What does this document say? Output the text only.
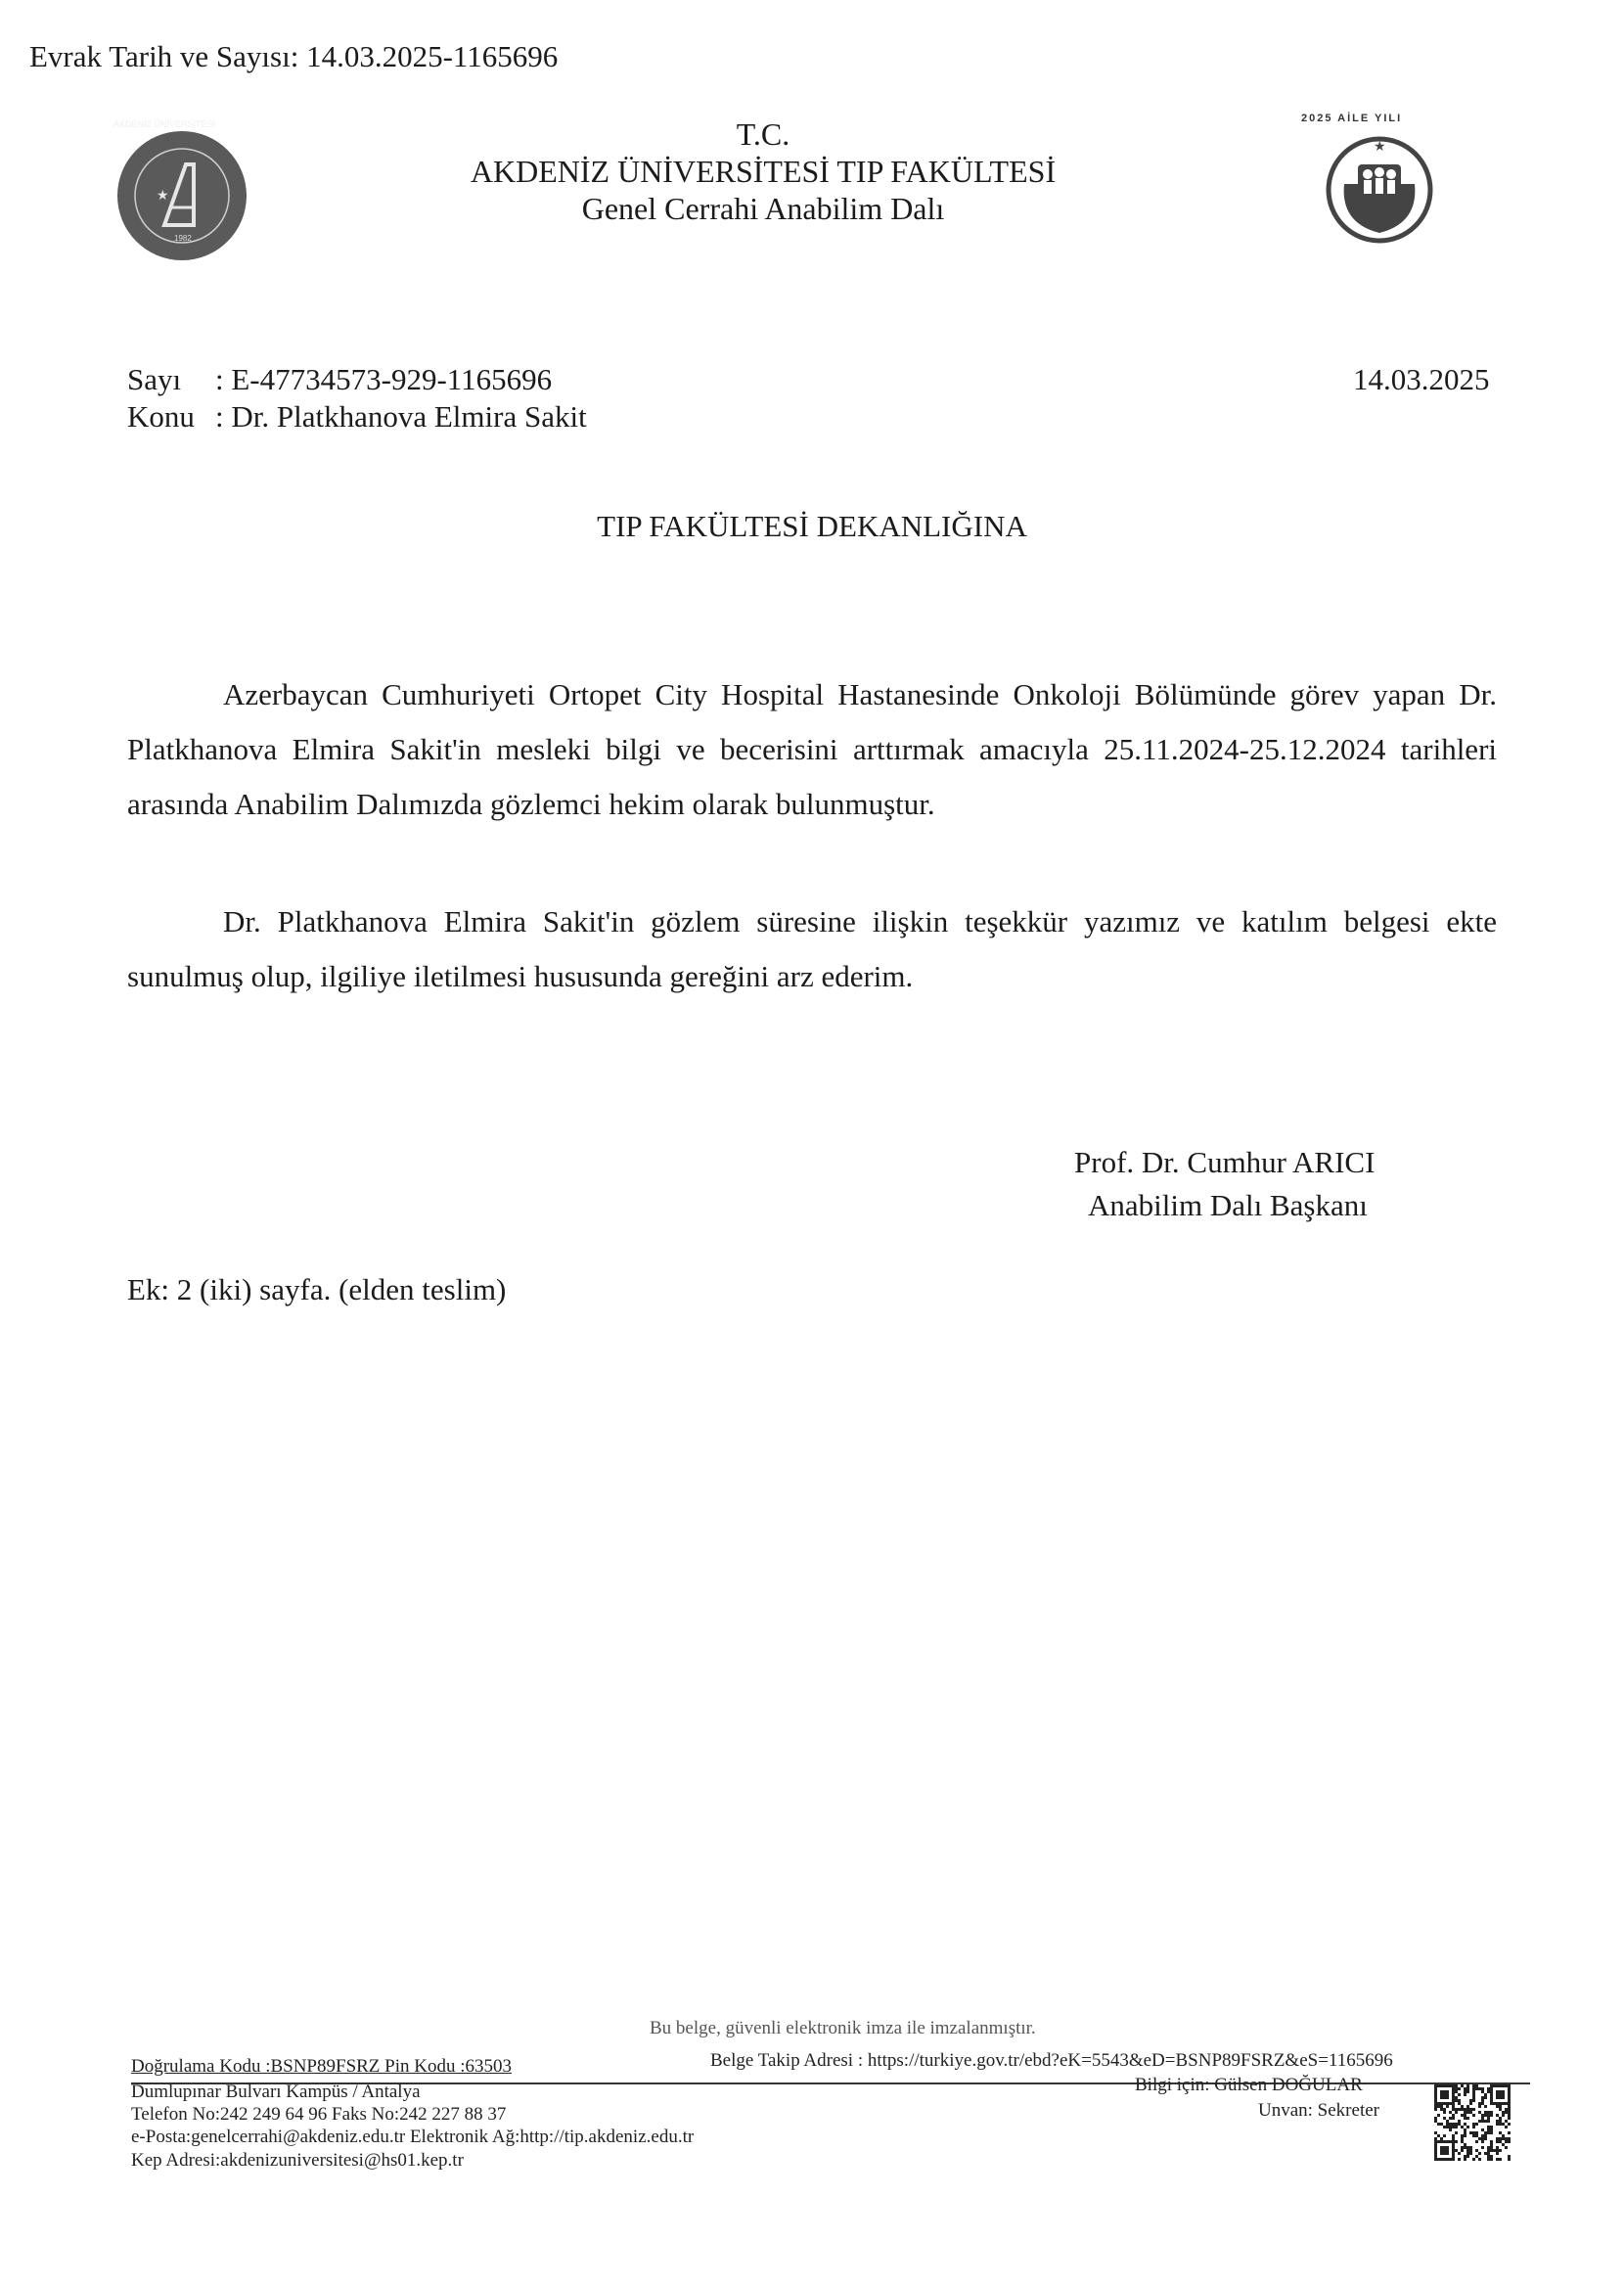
Evrak Tarih ve Sayısı: 14.03.2025-1165696
★
1982
AKDENİZ ÜNİVERSİTESİ	T.C.
AKDENİZ ÜNİVERSİTESİ TIP FAKÜLTESİ
Genel Cerrahi Anabilim Dalı
★
2025 AİLE YILI
Sayı : E-47734573-929-1165696
Konu : Dr. Platkhanova Elmira Sakit
14.03.2025
TIP FAKÜLTESİ DEKANLIĞINA

Azerbaycan Cumhuriyeti Ortopet City Hospital Hastanesinde Onkoloji Bölümünde görev yapan Dr. Platkhanova Elmira Sakit'in mesleki bilgi ve becerisini arttırmak amacıyla 25.11.2024-25.12.2024 tarihleri arasında Anabilim Dalımızda gözlemci hekim olarak bulunmuştur.

Dr. Platkhanova Elmira Sakit'in gözlem süresine ilişkin teşekkür yazımız ve katılım belgesi ekte sunulmuş olup, ilgiliye iletilmesi hususunda gereğini arz ederim.

Prof. Dr. Cumhur ARICI
Anabilim Dalı Başkanı
Ek: 2 (iki) sayfa. (elden teslim)
Bu belge, güvenli elektronik imza ile imzalanmıştır.
Doğrulama Kodu :BSNP89FSRZ Pin Kodu :63503	Belge Takip Adresi : https://turkiye.gov.tr/ebd?eK=5543&eD=BSNP89FSRZ&eS=1165696
Dumlupınar Bulvarı Kampüs / Antalya
Telefon No:242 249 64 96 Faks No:242 227 88 37
e-Posta:genelcerrahi@akdeniz.edu.tr Elektronik Ağ:http://tip.akdeniz.edu.tr
Kep Adresi:akdenizuniversitesi@hs01.kep.tr
Bilgi için: Gülsen DOĞULAR
Unvan: Sekreter
